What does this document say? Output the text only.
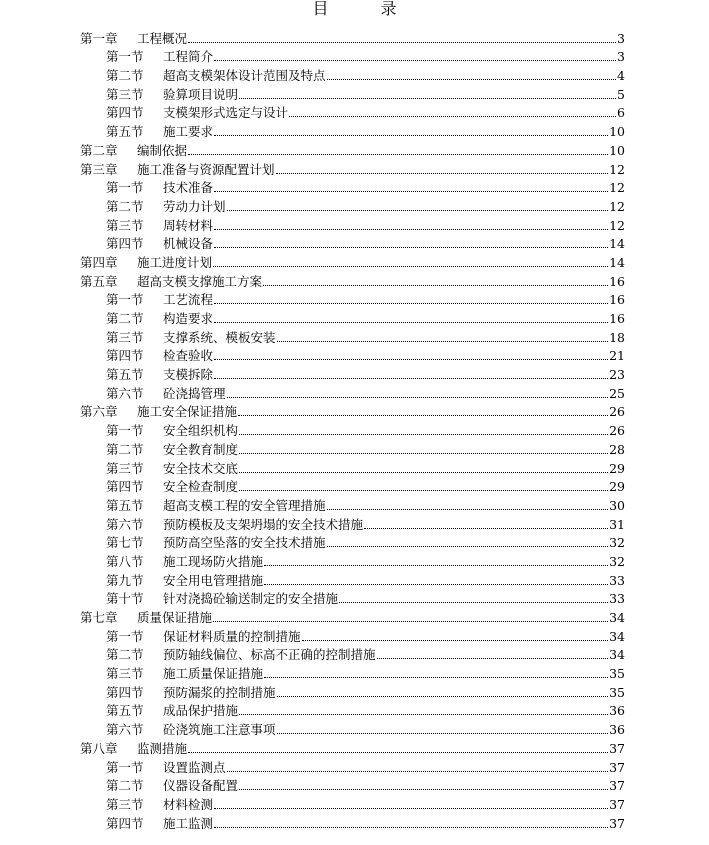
目　录
第一章	工程概况	3
第一节	工程简介	3
第二节	超高支模架体设计范围及特点	4
第三节	验算项目说明	5
第四节	支模架形式选定与设计	6
第五节	施工要求	10
第二章	编制依据	10
第三章	施工准备与资源配置计划	12
第一节	技术准备	12
第二节	劳动力计划	12
第三节	周转材料	12
第四节	机械设备	14
第四章	施工进度计划	14
第五章	超高支模支撑施工方案	16
第一节	工艺流程	16
第二节	构造要求	16
第三节	支撑系统、模板安装	18
第四节	检查验收	21
第五节	支模拆除	23
第六节	砼浇捣管理	25
第六章	施工安全保证措施	26
第一节	安全组织机构	26
第二节	安全教育制度	28
第三节	安全技术交底	29
第四节	安全检查制度	29
第五节	超高支模工程的安全管理措施	30
第六节	预防模板及支架坍塌的安全技术措施	31
第七节	预防高空坠落的安全技术措施	32
第八节	施工现场防火措施	32
第九节	安全用电管理措施	33
第十节	针对浇捣砼输送制定的安全措施	33
第七章	质量保证措施	34
第一节	保证材料质量的控制措施	34
第二节	预防轴线偏位、标高不正确的控制措施	34
第三节	施工质量保证措施	35
第四节	预防漏浆的控制措施	35
第五节	成品保护措施	36
第六节	砼浇筑施工注意事项	36
第八章	监测措施	37
第一节	设置监测点	37
第二节	仪器设备配置	37
第三节	材料检测	37
第四节	施工监测	37
